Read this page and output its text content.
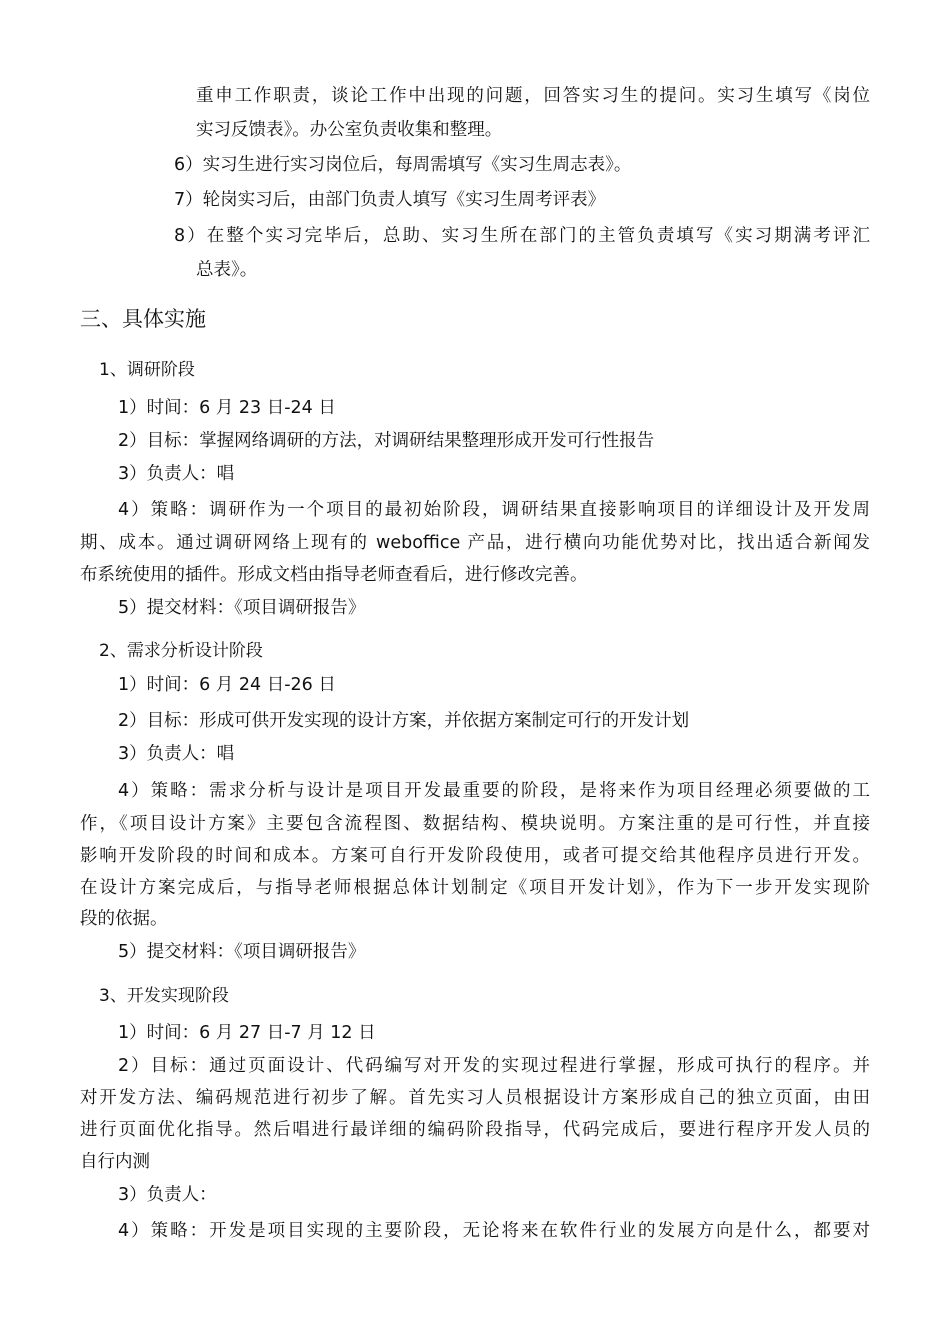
重申工作职责，谈论工作中出现的问题，回答实习生的提问。实习生填写《岗位
实习反馈表》。办公室负责收集和整理。
6）实习生进行实习岗位后，每周需填写《实习生周志表》。
7）轮岗实习后，由部门负责人填写《实习生周考评表》
8）在整个实习完毕后，总助、实习生所在部门的主管负责填写《实习期满考评汇
总表》。
三、具体实施
1、调研阶段
1）时间：6 月 23 日-24 日
2）目标：掌握网络调研的方法，对调研结果整理形成开发可行性报告
3）负责人：唱
4）策略：调研作为一个项目的最初始阶段，调研结果直接影响项目的详细设计及开发周
期、成本。通过调研网络上现有的 weboffice 产品，进行横向功能优势对比，找出适合新闻发
布系统使用的插件。形成文档由指导老师查看后，进行修改完善。
5）提交材料：《项目调研报告》
2、需求分析设计阶段
1）时间：6 月 24 日-26 日
2）目标：形成可供开发实现的设计方案，并依据方案制定可行的开发计划
3）负责人：唱
4）策略：需求分析与设计是项目开发最重要的阶段，是将来作为项目经理必须要做的工
作，《项目设计方案》主要包含流程图、数据结构、模块说明。方案注重的是可行性，并直接
影响开发阶段的时间和成本。方案可自行开发阶段使用，或者可提交给其他程序员进行开发。
在设计方案完成后，与指导老师根据总体计划制定《项目开发计划》，作为下一步开发实现阶
段的依据。
5）提交材料：《项目调研报告》
3、开发实现阶段
1）时间：6 月 27 日-7 月 12 日
2）目标：通过页面设计、代码编写对开发的实现过程进行掌握，形成可执行的程序。并
对开发方法、编码规范进行初步了解。首先实习人员根据设计方案形成自己的独立页面，由田
进行页面优化指导。然后唱进行最详细的编码阶段指导，代码完成后，要进行程序开发人员的
自行内测
3）负责人：
4）策略：开发是项目实现的主要阶段，无论将来在软件行业的发展方向是什么，都要对
